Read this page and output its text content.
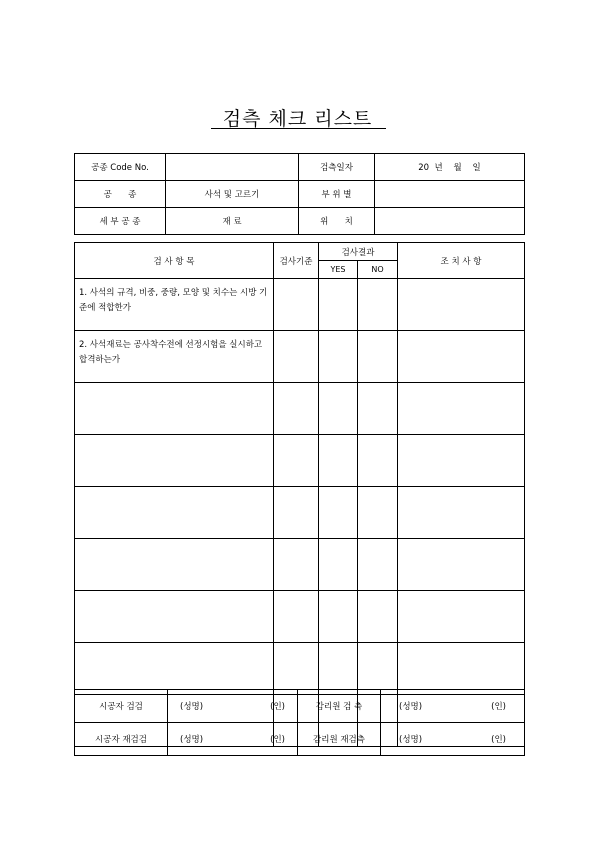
검측 체크 리스트
공종 Code No.		검측일자	20  년    월    일
공      종	사석 및 고르기	부 위 별	
세 부 공 종	재 료	위      치	
검 사 항 목	검사기준	검사결과		조 치 사 항
		YES	NO	
1. 사석의 규격, 비중, 중량, 모양 및 치수는 시방 기준에 적합한가				
2. 사석재료는 공사착수전에 선정시험을 실시하고 합격하는가				

시공자 검검	(성명) (인)	감리원 검 측	(성명) (인)

시공자 재검검	(성명) (인)	감리원 재검측	(성명) (인)
